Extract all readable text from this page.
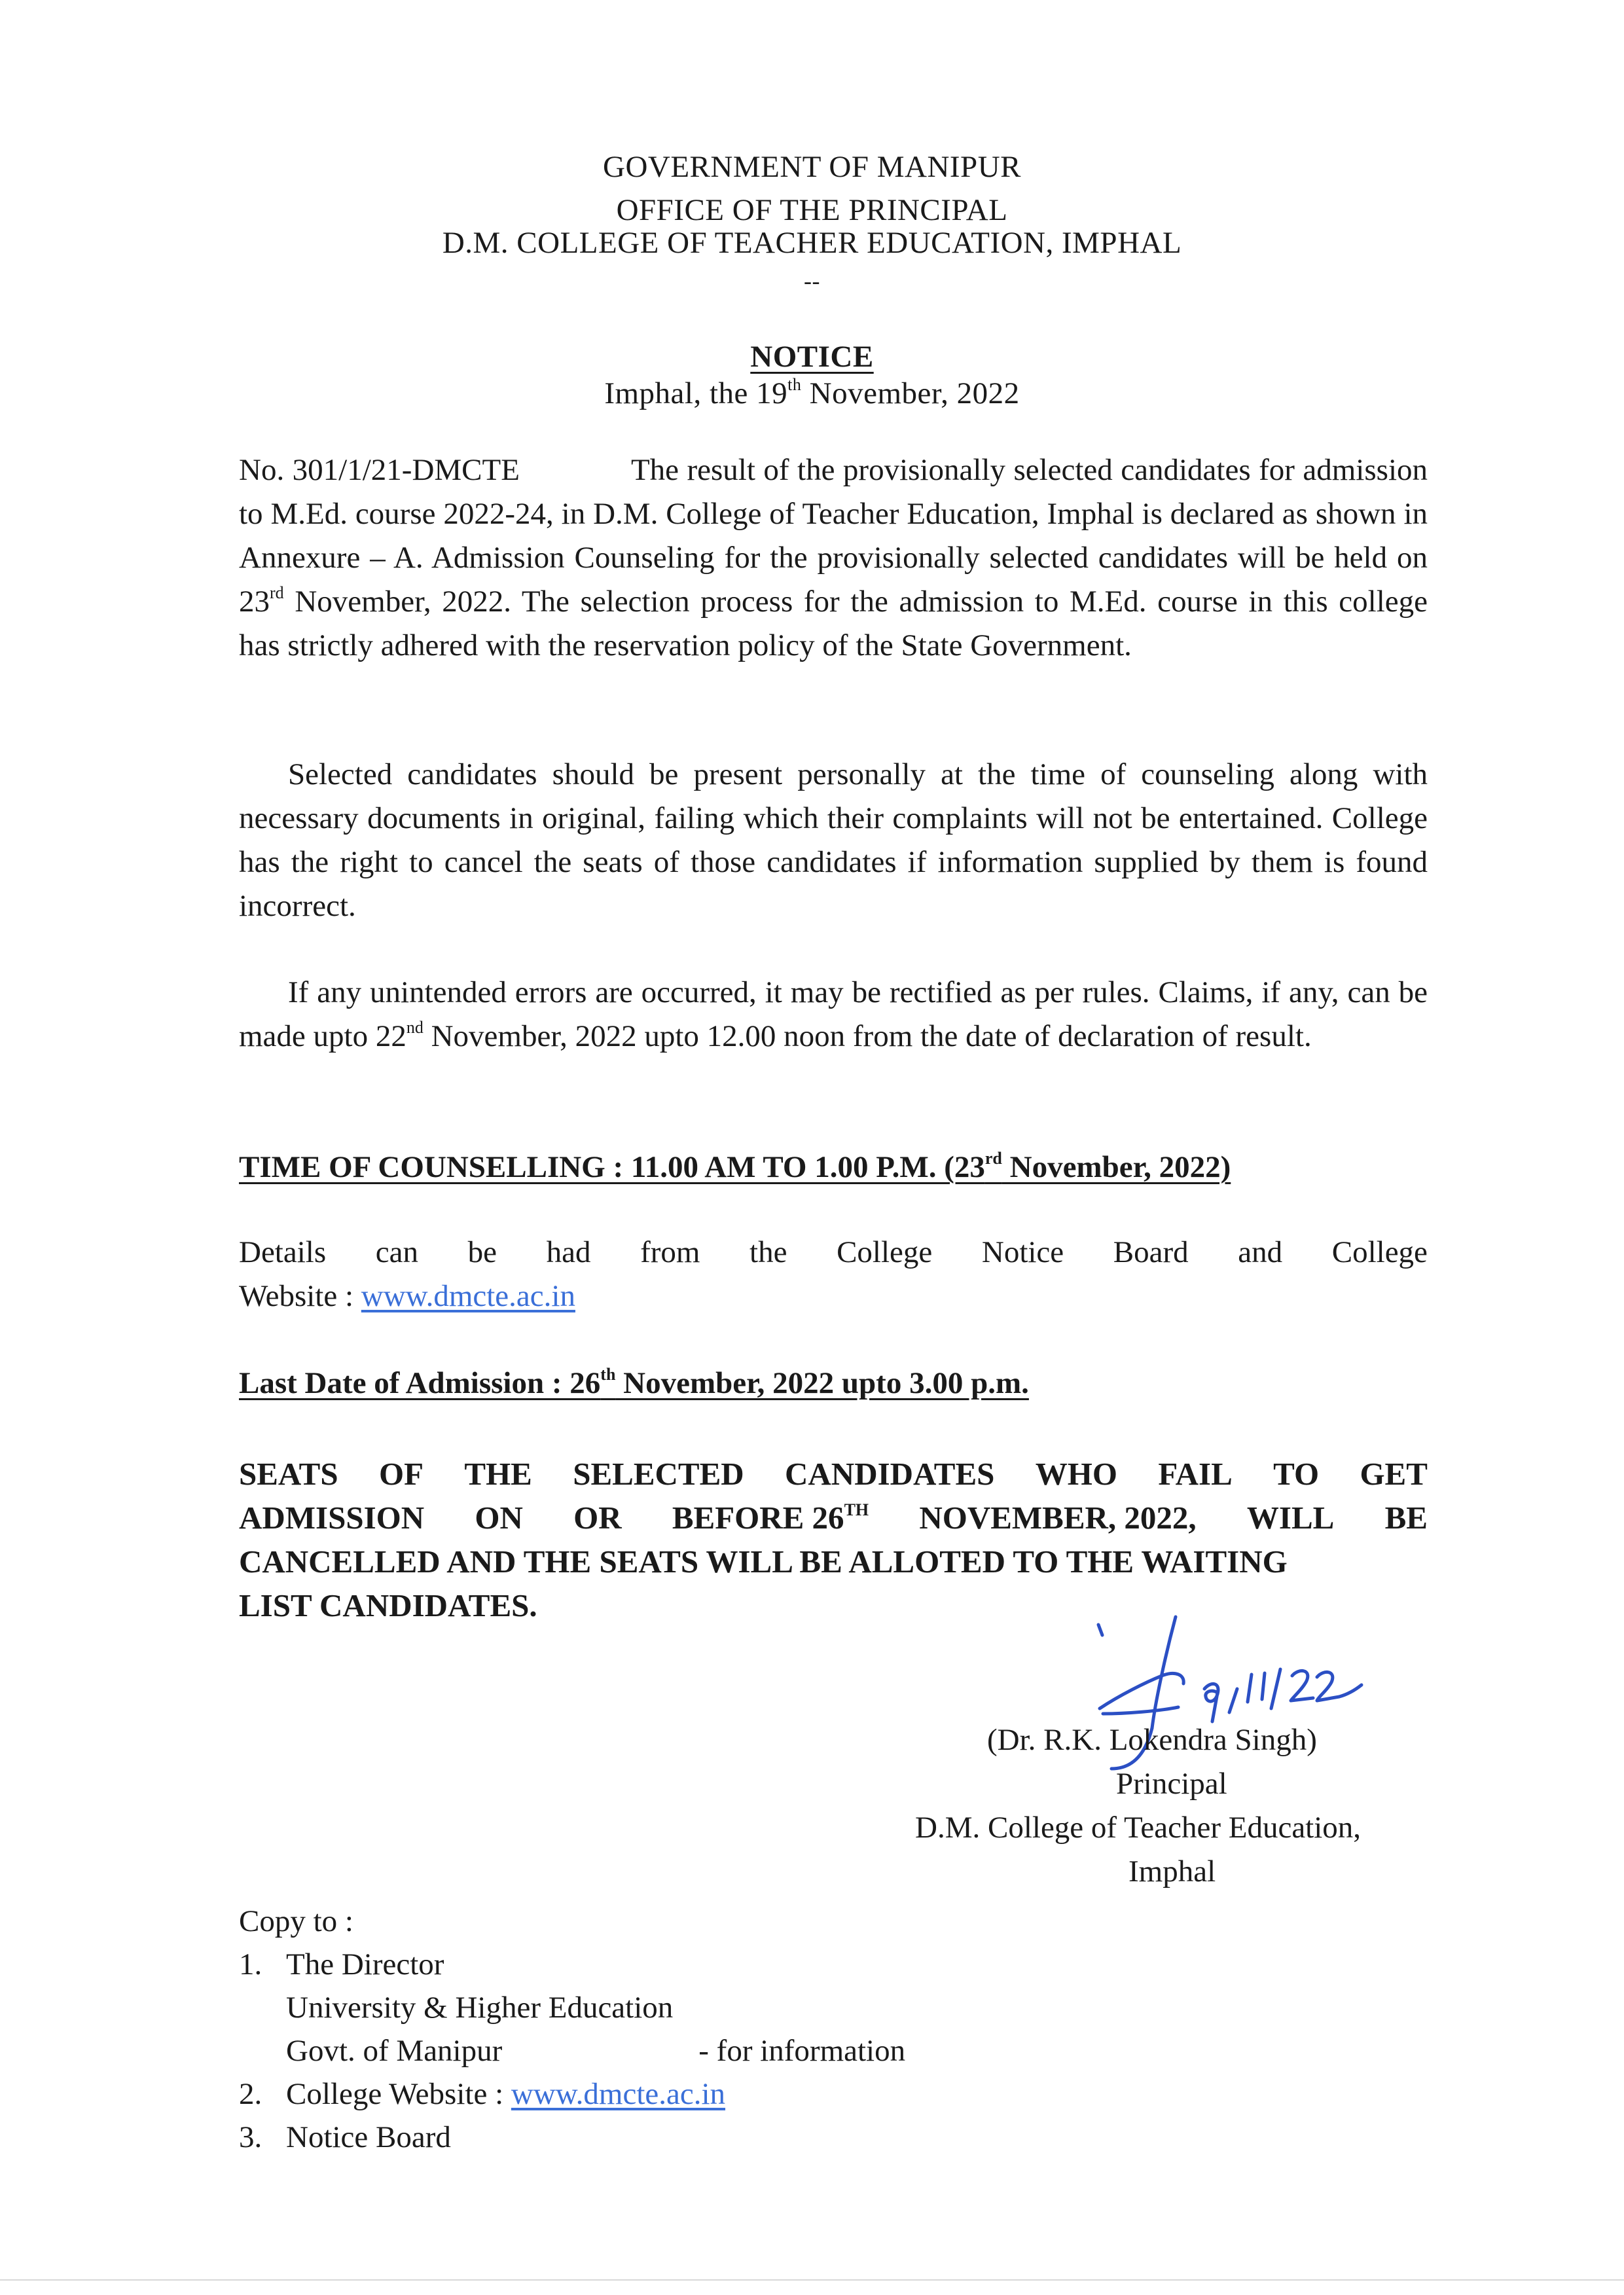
GOVERNMENT OF MANIPUR
OFFICE OF THE PRINCIPAL
D.M. COLLEGE OF TEACHER EDUCATION, IMPHAL
--
NOTICE
Imphal, the 19th November, 2022

No. 301/1/21-DMCTE	The result of the provisionally selected candidates for admission to M.Ed. course 2022-24, in D.M. College of Teacher Education, Imphal is declared as shown in Annexure – A. Admission Counseling for the provisionally selected candidates will be held on 23rd November, 2022. The selection process for the admission to M.Ed. course in this college has strictly adhered with the reservation policy of the State Government.

Selected candidates should be present personally at the time of counseling along with necessary documents in original, failing which their complaints will not be entertained. College has the right to cancel the seats of those candidates if information supplied by them is found incorrect.

If any unintended errors are occurred, it may be rectified as per rules. Claims, if any, can be made upto 22nd November, 2022 upto 12.00 noon from the date of declaration of result.

TIME OF COUNSELLING : 11.00 AM TO 1.00 P.M. (23rd November, 2022)
Details can be had from the College Notice Board and College
Website : www.dmcte.ac.in
Last Date of Admission : 26th November, 2022 upto 3.00 p.m.
SEATS OF THE SELECTED CANDIDATES WHO FAIL TO GET
ADMISSION ON OR BEFORE 26TH NOVEMBER, 2022, WILL BE
CANCELLED AND THE SEATS WILL BE ALLOTED TO THE WAITING
LIST CANDIDATES.
(Dr. R.K. Lokendra Singh)
Principal
D.M. College of Teacher Education,
Imphal
Copy to :
1. The Director
University & Higher Education
Govt. of Manipur	- for information
2. College Website : www.dmcte.ac.in
3. Notice Board
